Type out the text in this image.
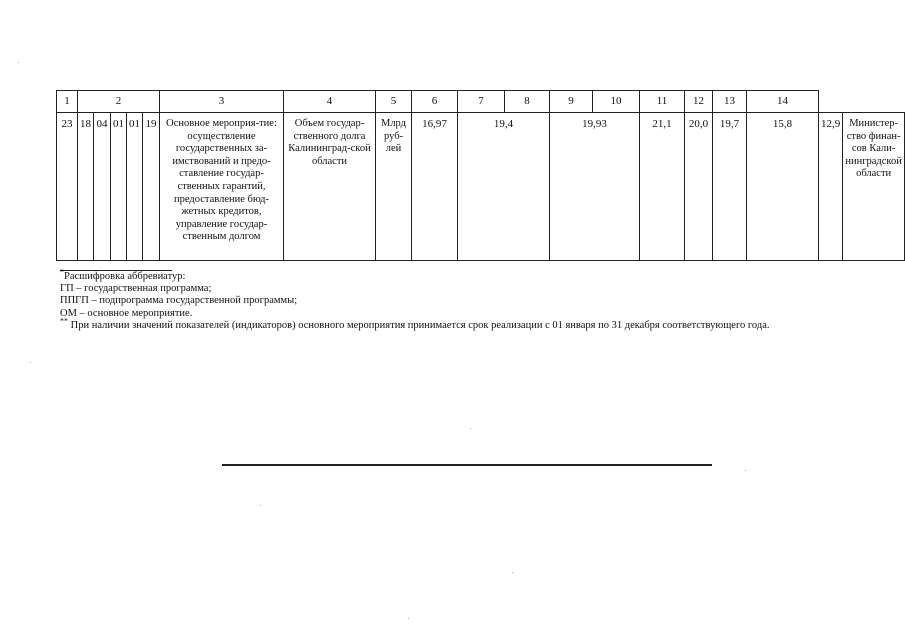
1	2					3	4	5	6	7	8	9	10	11	12	13	14		
23	18	04	01	01	19	Основное мероприя-тие: осуществление государственных за-имствований и предо-ставление государ-ственных гарантий, предоставление бюд-жетных кредитов, управление государ-ственным долгом	Объем государ-ственного долга Калининград-ской области	Млрд руб-лей	16,97	19,4		19,93		21,1	20,0	19,7	15,8	12,9	Министер-ство финан-сов Кали-нинградской области

*Расшифровка аббревиатур:

ГП – государственная программа;

ППГП – подпрограмма государственной программы;

ОМ – основное мероприятие.

** При наличии значений показателей (индикаторов) основного мероприятия принимается срок реализации с 01 января по 31 декабря соответствующего года.
